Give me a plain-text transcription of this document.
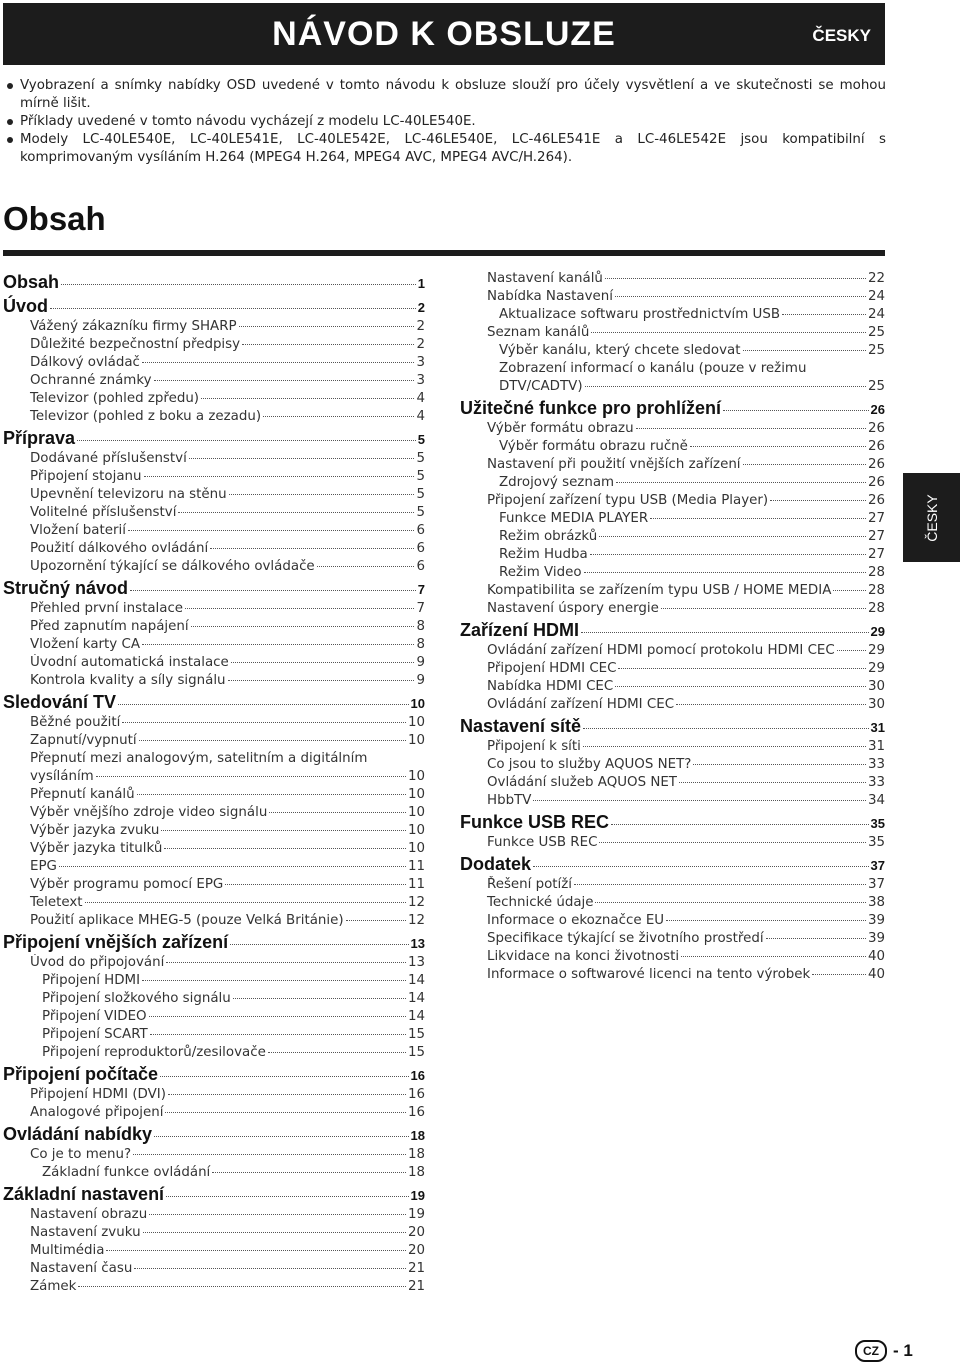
NÁVOD K OBSLUZE	ČESKY
Vyobrazení a snímky nabídky OSD uvedené v tomto návodu k obsluze slouží pro účely vysvětlení a ve skutečnosti se mohou mírně lišit.
Příklady uvedené v tomto návodu vycházejí z modelu LC-40LE540E.
Modely LC-40LE540E, LC-40LE541E, LC-40LE542E, LC-46LE540E, LC-46LE541E a LC-46LE542E jsou kompatibilní s komprimovaným vysíláním H.264 (MPEG4 H.264, MPEG4 AVC, MPEG4 AVC/H.264).
Obsah
Obsah	1
Úvod	2
Vážený zákazníku firmy SHARP	2
Důležité bezpečnostní předpisy	2
Dálkový ovládač	3
Ochranné známky	3
Televizor (pohled zpředu)	4
Televizor (pohled z boku a zezadu)	4
Příprava	5
Dodávané příslušenství	5
Připojení stojanu	5
Upevnění televizoru na stěnu	5
Volitelné příslušenství	5
Vložení baterií	6
Použití dálkového ovládání	6
Upozornění týkající se dálkového ovládače	6
Stručný návod	7
Přehled první instalace	7
Před zapnutím napájení	8
Vložení karty CA	8
Úvodní automatická instalace	9
Kontrola kvality a síly signálu	9
Sledování TV	10
Běžné použití	10
Zapnutí/vypnutí	10
Přepnutí mezi analogovým, satelitním a digitálním
vysíláním	10
Přepnutí kanálů	10
Výběr vnějšího zdroje video signálu	10
Výběr jazyka zvuku	10
Výběr jazyka titulků	10
EPG	11
Výběr programu pomocí EPG	11
Teletext	12
Použití aplikace MHEG-5 (pouze Velká Británie)	12
Připojení vnějších zařízení	13
Úvod do připojování	13
Připojení HDMI	14
Připojení složkového signálu	14
Připojení VIDEO	14
Připojení SCART	15
Připojení reproduktorů/zesilovače	15
Připojení počítače	16
Připojení HDMI (DVI)	16
Analogové připojení	16
Ovládání nabídky	18
Co je to menu?	18
Základní funkce ovládání	18
Základní nastavení	19
Nastavení obrazu	19
Nastavení zvuku	20
Multimédia	20
Nastavení času	21
Zámek	21
Nastavení kanálů	22
Nabídka Nastavení	24
Aktualizace softwaru prostřednictvím USB	24
Seznam kanálů	25
Výběr kanálu, který chcete sledovat	25
Zobrazení informací o kanálu (pouze v režimu
DTV/CADTV)	25
Užitečné funkce pro prohlížení	26
Výběr formátu obrazu	26
Výběr formátu obrazu ručně	26
Nastavení při použití vnějších zařízení	26
Zdrojový seznam	26
Připojení zařízení typu USB (Media Player)	26
Funkce MEDIA PLAYER	27
Režim obrázků	27
Režim Hudba	27
Režim Video	28
Kompatibilita se zařízením typu USB / HOME MEDIA	28
Nastavení úspory energie	28
Zařízení HDMI	29
Ovládání zařízení HDMI pomocí protokolu HDMI CEC 29
Připojení HDMI CEC	29
Nabídka HDMI CEC	30
Ovládání zařízení HDMI CEC	30
Nastavení sítě	31
Připojení k síti	31
Co jsou to služby AQUOS NET?	33
Ovládání služeb AQUOS NET	33
HbbTV	34
Funkce USB REC	35
Funkce USB REC	35
Dodatek	37
Řešení potíží	37
Technické údaje	38
Informace o ekoznačce EU	39
Specifikace týkající se životního prostředí	39
Likvidace na konci životnosti	40
Informace o softwarové licenci na tento výrobek	40
ČESKY
CZ - 1
